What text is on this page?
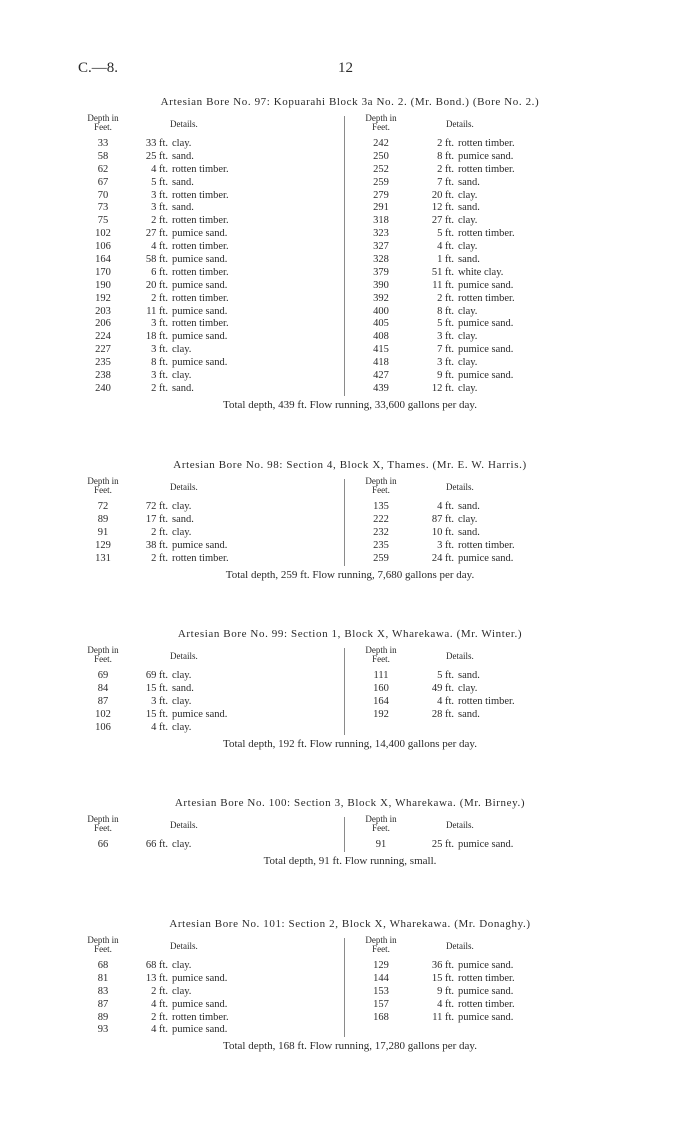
C.—8.	12
Artesian Bore No. 97: Kopuarahi Block 3a No. 2. (Mr. Bond.) (Bore No. 2.)
Depth in
Feet.	Details.
33	33 ft. clay.
58	25 ft. sand.
62	4 ft. rotten timber.
67	5 ft. sand.
70	3 ft. rotten timber.
73	3 ft. sand.
75	2 ft. rotten timber.
102	27 ft. pumice sand.
106	4 ft. rotten timber.
164	58 ft. pumice sand.
170	6 ft. rotten timber.
190	20 ft. pumice sand.
192	2 ft. rotten timber.
203	11 ft. pumice sand.
206	3 ft. rotten timber.
224	18 ft. pumice sand.
227	3 ft. clay.
235	8 ft. pumice sand.
238	3 ft. clay.
240	2 ft. sand.
Depth in
Feet.	Details.
242	2 ft. rotten timber.
250	8 ft. pumice sand.
252	2 ft. rotten timber.
259	7 ft. sand.
279	20 ft. clay.
291	12 ft. sand.
318	27 ft. clay.
323	5 ft. rotten timber.
327	4 ft. clay.
328	1 ft. sand.
379	51 ft. white clay.
390	11 ft. pumice sand.
392	2 ft. rotten timber.
400	8 ft. clay.
405	5 ft. pumice sand.
408	3 ft. clay.
415	7 ft. pumice sand.
418	3 ft. clay.
427	9 ft. pumice sand.
439	12 ft. clay.
Total depth, 439 ft. Flow running, 33,600 gallons per day.
Artesian Bore No. 98: Section 4, Block X, Thames. (Mr. E. W. Harris.)
Depth in
Feet.	Details.
72	72 ft. clay.
89	17 ft. sand.
91	2 ft. clay.
129	38 ft. pumice sand.
131	2 ft. rotten timber.
Depth in
Feet.	Details.
135	4 ft. sand.
222	87 ft. clay.
232	10 ft. sand.
235	3 ft. rotten timber.
259	24 ft. pumice sand.
Total depth, 259 ft. Flow running, 7,680 gallons per day.
Artesian Bore No. 99: Section 1, Block X, Wharekawa. (Mr. Winter.)
Depth in
Feet.	Details.
69	69 ft. clay.
84	15 ft. sand.
87	3 ft. clay.
102	15 ft. pumice sand.
106	4 ft. clay.
Depth in
Feet.	Details.
111	5 ft. sand.
160	49 ft. clay.
164	4 ft. rotten timber.
192	28 ft. sand.
Total depth, 192 ft. Flow running, 14,400 gallons per day.
Artesian Bore No. 100: Section 3, Block X, Wharekawa. (Mr. Birney.)
Depth in
Feet.	Details.
66	66 ft. clay.
Depth in
Feet.	Details.
91	25 ft. pumice sand.
Total depth, 91 ft. Flow running, small.
Artesian Bore No. 101: Section 2, Block X, Wharekawa. (Mr. Donaghy.)
Depth in
Feet.	Details.
68	68 ft. clay.
81	13 ft. pumice sand.
83	2 ft. clay.
87	4 ft. pumice sand.
89	2 ft. rotten timber.
93	4 ft. pumice sand.
Depth in
Feet.	Details.
129	36 ft. pumice sand.
144	15 ft. rotten timber.
153	9 ft. pumice sand.
157	4 ft. rotten timber.
168	11 ft. pumice sand.
Total depth, 168 ft. Flow running, 17,280 gallons per day.
